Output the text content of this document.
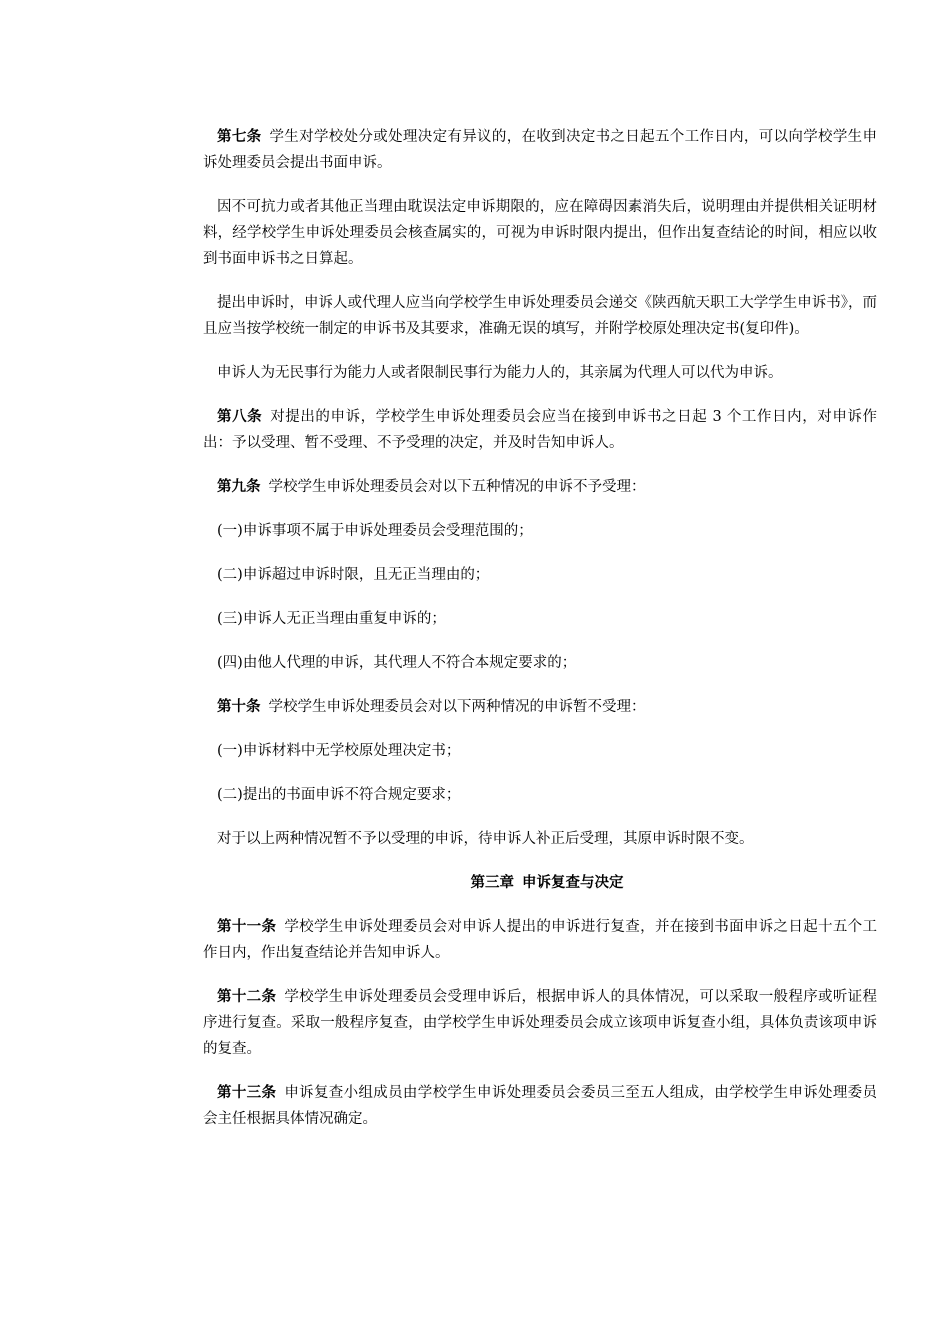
第七条 学生对学校处分或处理决定有异议的，在收到决定书之日起五个工作日内，可以向学校学生申诉处理委员会提出书面申诉。

因不可抗力或者其他正当理由耽误法定申诉期限的，应在障碍因素消失后，说明理由并提供相关证明材料，经学校学生申诉处理委员会核查属实的，可视为申诉时限内提出，但作出复查结论的时间，相应以收到书面申诉书之日算起。

提出申诉时，申诉人或代理人应当向学校学生申诉处理委员会递交《陕西航天职工大学学生申诉书》，而且应当按学校统一制定的申诉书及其要求，准确无误的填写，并附学校原处理决定书(复印件)。

申诉人为无民事行为能力人或者限制民事行为能力人的，其亲属为代理人可以代为申诉。

第八条 对提出的申诉，学校学生申诉处理委员会应当在接到申诉书之日起 3 个工作日内，对申诉作出：予以受理、暂不受理、不予受理的决定，并及时告知申诉人。

第九条 学校学生申诉处理委员会对以下五种情况的申诉不予受理：

(一)申诉事项不属于申诉处理委员会受理范围的；

(二)申诉超过申诉时限，且无正当理由的；

(三)申诉人无正当理由重复申诉的；

(四)由他人代理的申诉，其代理人不符合本规定要求的；

第十条 学校学生申诉处理委员会对以下两种情况的申诉暂不受理：

(一)申诉材料中无学校原处理决定书；

(二)提出的书面申诉不符合规定要求；

对于以上两种情况暂不予以受理的申诉，待申诉人补正后受理，其原申诉时限不变。

第三章 申诉复查与决定

第十一条 学校学生申诉处理委员会对申诉人提出的申诉进行复查，并在接到书面申诉之日起十五个工作日内，作出复查结论并告知申诉人。

第十二条 学校学生申诉处理委员会受理申诉后，根据申诉人的具体情况，可以采取一般程序或听证程序进行复查。采取一般程序复查，由学校学生申诉处理委员会成立该项申诉复查小组，具体负责该项申诉的复查。

第十三条 申诉复查小组成员由学校学生申诉处理委员会委员三至五人组成，由学校学生申诉处理委员会主任根据具体情况确定。
